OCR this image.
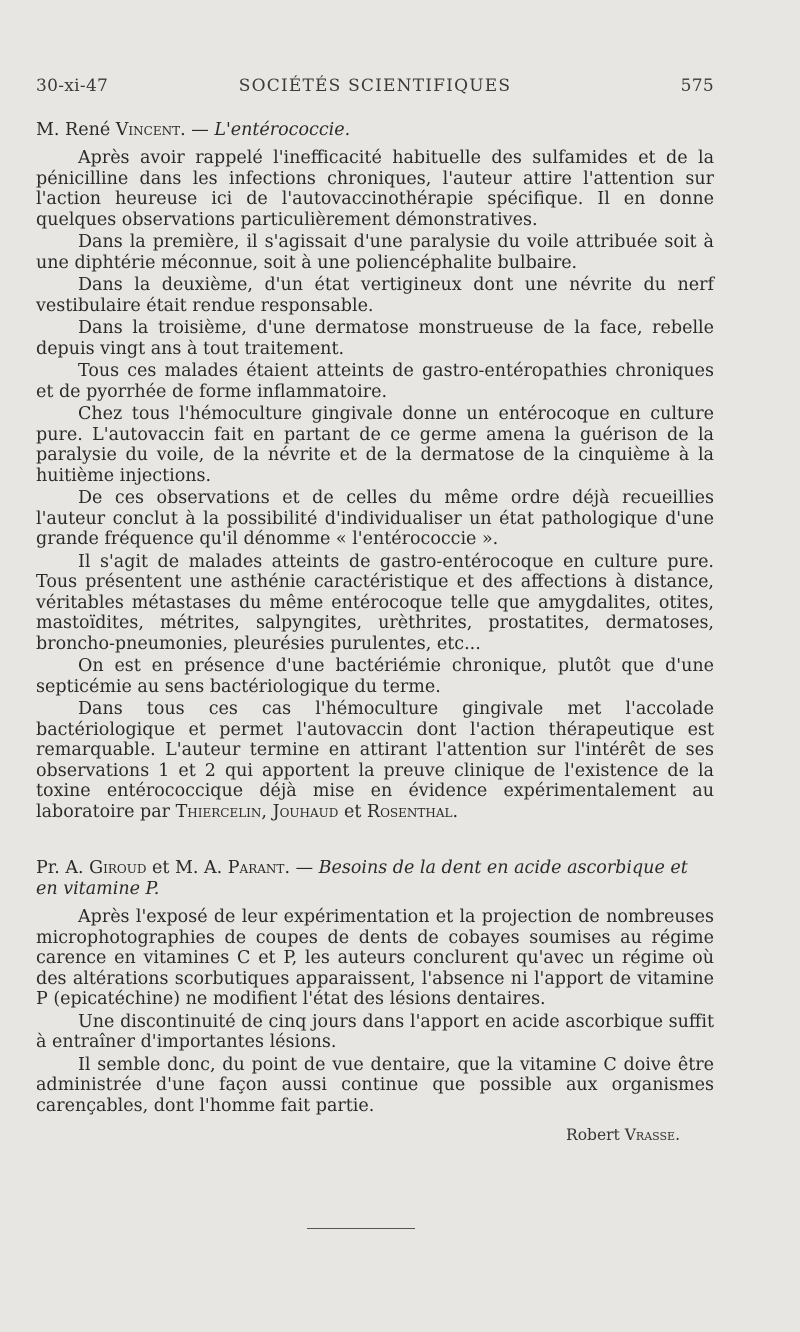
30-xi-47	SOCIÉTÉS SCIENTIFIQUES	575
M. René Vincent. — L'entérococcie.

Après avoir rappelé l'inefficacité habituelle des sulfamides et de la pénicilline dans les infections chroniques, l'auteur attire l'attention sur l'action heureuse ici de l'autovaccinothérapie spécifique. Il en donne quelques observations particulièrement démonstratives.

Dans la première, il s'agissait d'une paralysie du voile attribuée soit à une diphtérie méconnue, soit à une poliencéphalite bulbaire.

Dans la deuxième, d'un état vertigineux dont une névrite du nerf vestibulaire était rendue responsable.

Dans la troisième, d'une dermatose monstrueuse de la face, rebelle depuis vingt ans à tout traitement.

Tous ces malades étaient atteints de gastro-entéropathies chroniques et de pyorrhée de forme inflammatoire.

Chez tous l'hémoculture gingivale donne un entérocoque en culture pure. L'autovaccin fait en partant de ce germe amena la guérison de la paralysie du voile, de la névrite et de la dermatose de la cinquième à la huitième injections.

De ces observations et de celles du même ordre déjà recueillies l'auteur conclut à la possibilité d'individualiser un état pathologique d'une grande fréquence qu'il dénomme « l'entérococcie ».

Il s'agit de malades atteints de gastro-entérocoque en culture pure. Tous présentent une asthénie caractéristique et des affections à distance, véritables métastases du même entérocoque telle que amygdalites, otites, mastoïdites, métrites, salpyngites, urèthrites, prostatites, dermatoses, broncho-pneumonies, pleurésies purulentes, etc...

On est en présence d'une bactériémie chronique, plutôt que d'une septicémie au sens bactériologique du terme.

Dans tous ces cas l'hémoculture gingivale met l'accolade bactériologique et permet l'autovaccin dont l'action thérapeutique est remarquable. L'auteur termine en attirant l'attention sur l'intérêt de ses observations 1 et 2 qui apportent la preuve clinique de l'existence de la toxine entérococcique déjà mise en évidence expérimentalement au laboratoire par Thiercelin, Jouhaud et Rosenthal.

Pr. A. Giroud et M. A. Parant. — Besoins de la dent en acide ascorbique et en vitamine P.

Après l'exposé de leur expérimentation et la projection de nombreuses microphotographies de coupes de dents de cobayes soumises au régime carence en vitamines C et P, les auteurs conclurent qu'avec un régime où des altérations scorbutiques apparaissent, l'absence ni l'apport de vitamine P (epicatéchine) ne modifient l'état des lésions dentaires.

Une discontinuité de cinq jours dans l'apport en acide ascorbique suffit à entraîner d'importantes lésions.

Il semble donc, du point de vue dentaire, que la vitamine C doive être administrée d'une façon aussi continue que possible aux organismes carençables, dont l'homme fait partie.

Robert Vrasse.
